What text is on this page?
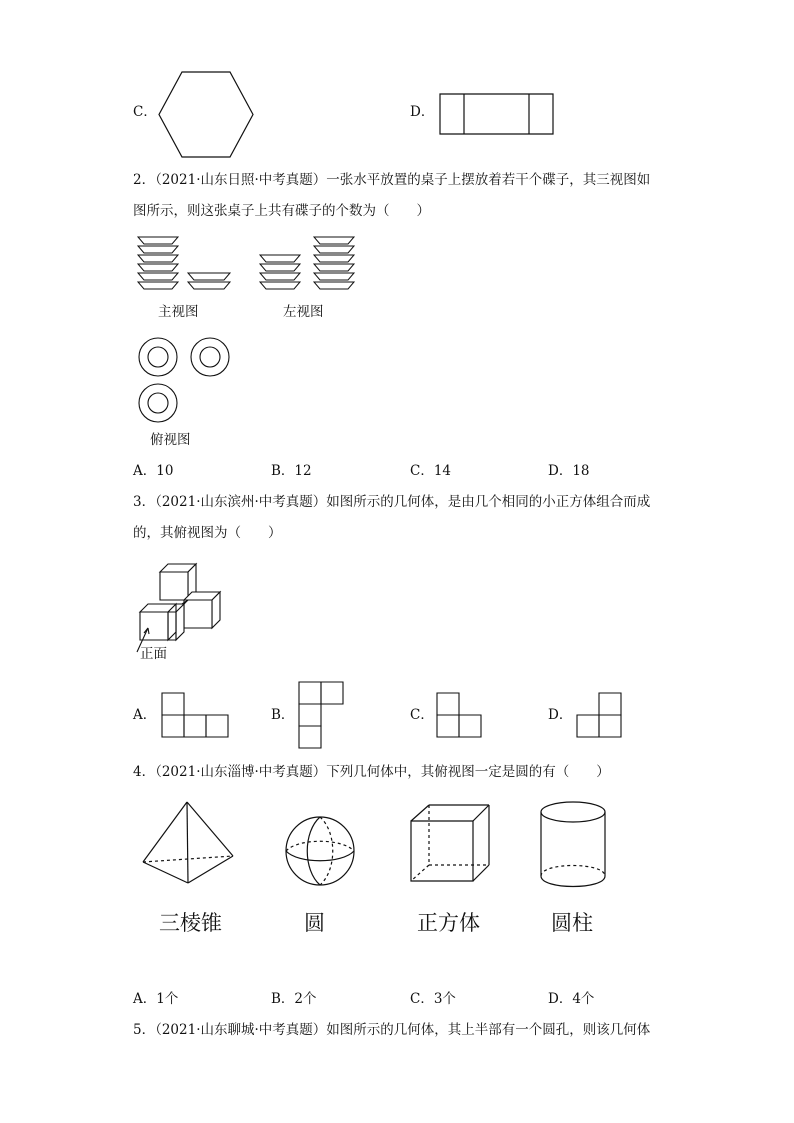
C．	D．
2．（2021·山东日照·中考真题）一张水平放置的桌子上摆放着若干个碟子，其三视图如
图所示，则这张桌子上共有碟子的个数为（　　）
主视图	左视图
俯视图
A．10	B．12	C．14	D．18
3．（2021·山东滨州·中考真题）如图所示的几何体，是由几个相同的小正方体组合而成
的，其俯视图为（　　）
正面
A．	B．	C．	D．
4．（2021·山东淄博·中考真题）下列几何体中，其俯视图一定是圆的有（　　）
三棱锥	圆	正方体	圆柱
A．1个	B．2个	C．3个	D．4个
5．（2021·山东聊城·中考真题）如图所示的几何体，其上半部有一个圆孔，则该几何体
